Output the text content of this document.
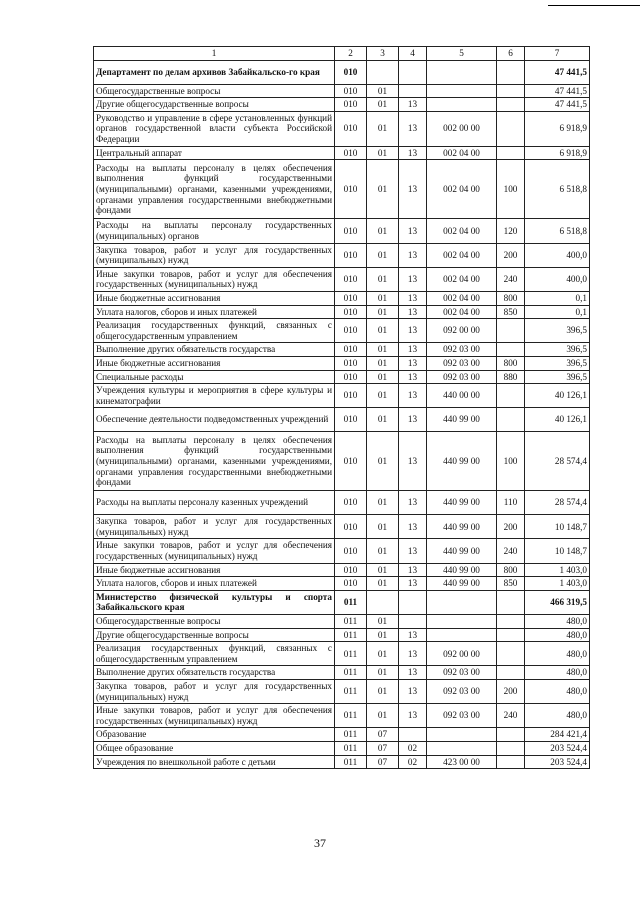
1	2	3	4	5	6	7
Департамент по делам архивов Забайкальско-го края	010					47 441,5
Общегосударственные вопросы	010	01				47 441,5
Другие общегосударственные вопросы	010	01	13			47 441,5
Руководство и управление в сфере установленных функций органов государственной власти субъекта Российской Федерации	010	01	13	002 00 00		6 918,9
Центральный аппарат	010	01	13	002 04 00		6 918,9
Расходы на выплаты персоналу в целях обеспечения выполнения функций государственными (муниципальными) органами, казенными учреждениями, органами управления государственными внебюджетными фондами	010	01	13	002 04 00	100	6 518,8
Расходы на выплаты персоналу государственных (муниципальных) органов	010	01	13	002 04 00	120	6 518,8
Закупка товаров, работ и услуг для государственных (муниципальных) нужд	010	01	13	002 04 00	200	400,0
Иные закупки товаров, работ и услуг для обеспечения государственных (муниципальных) нужд	010	01	13	002 04 00	240	400,0
Иные бюджетные ассигнования	010	01	13	002 04 00	800	0,1
Уплата налогов, сборов и иных платежей	010	01	13	002 04 00	850	0,1
Реализация государственных функций, связанных с общегосударственным управлением	010	01	13	092 00 00		396,5
Выполнение других обязательств государства	010	01	13	092 03 00		396,5
Иные бюджетные ассигнования	010	01	13	092 03 00	800	396,5
Специальные расходы	010	01	13	092 03 00	880	396,5
Учреждения культуры и мероприятия в сфере культуры и кинематографии	010	01	13	440 00 00		40 126,1
Обеспечение деятельности подведомственных учреждений	010	01	13	440 99 00		40 126,1
Расходы на выплаты персоналу в целях обеспечения выполнения функций государственными (муниципальными) органами, казенными учреждениями, органами управления государственными внебюджетными фондами	010	01	13	440 99 00	100	28 574,4
Расходы на выплаты персоналу казенных учреждений	010	01	13	440 99 00	110	28 574,4
Закупка товаров, работ и услуг для государственных (муниципальных) нужд	010	01	13	440 99 00	200	10 148,7
Иные закупки товаров, работ и услуг для обеспечения государственных (муниципальных) нужд	010	01	13	440 99 00	240	10 148,7
Иные бюджетные ассигнования	010	01	13	440 99 00	800	1 403,0
Уплата налогов, сборов и иных платежей	010	01	13	440 99 00	850	1 403,0
Министерство физической культуры и спорта Забайкальского края	011					466 319,5
Общегосударственные вопросы	011	01				480,0
Другие общегосударственные вопросы	011	01	13			480,0
Реализация государственных функций, связанных с общегосударственным управлением	011	01	13	092 00 00		480,0
Выполнение других обязательств государства	011	01	13	092 03 00		480,0
Закупка товаров, работ и услуг для государственных (муниципальных) нужд	011	01	13	092 03 00	200	480,0
Иные закупки товаров, работ и услуг для обеспечения государственных (муниципальных) нужд	011	01	13	092 03 00	240	480,0
Образование	011	07				284 421,4
Общее образование	011	07	02			203 524,4
Учреждения по внешкольной работе с детьми	011	07	02	423 00 00		203 524,4
37
